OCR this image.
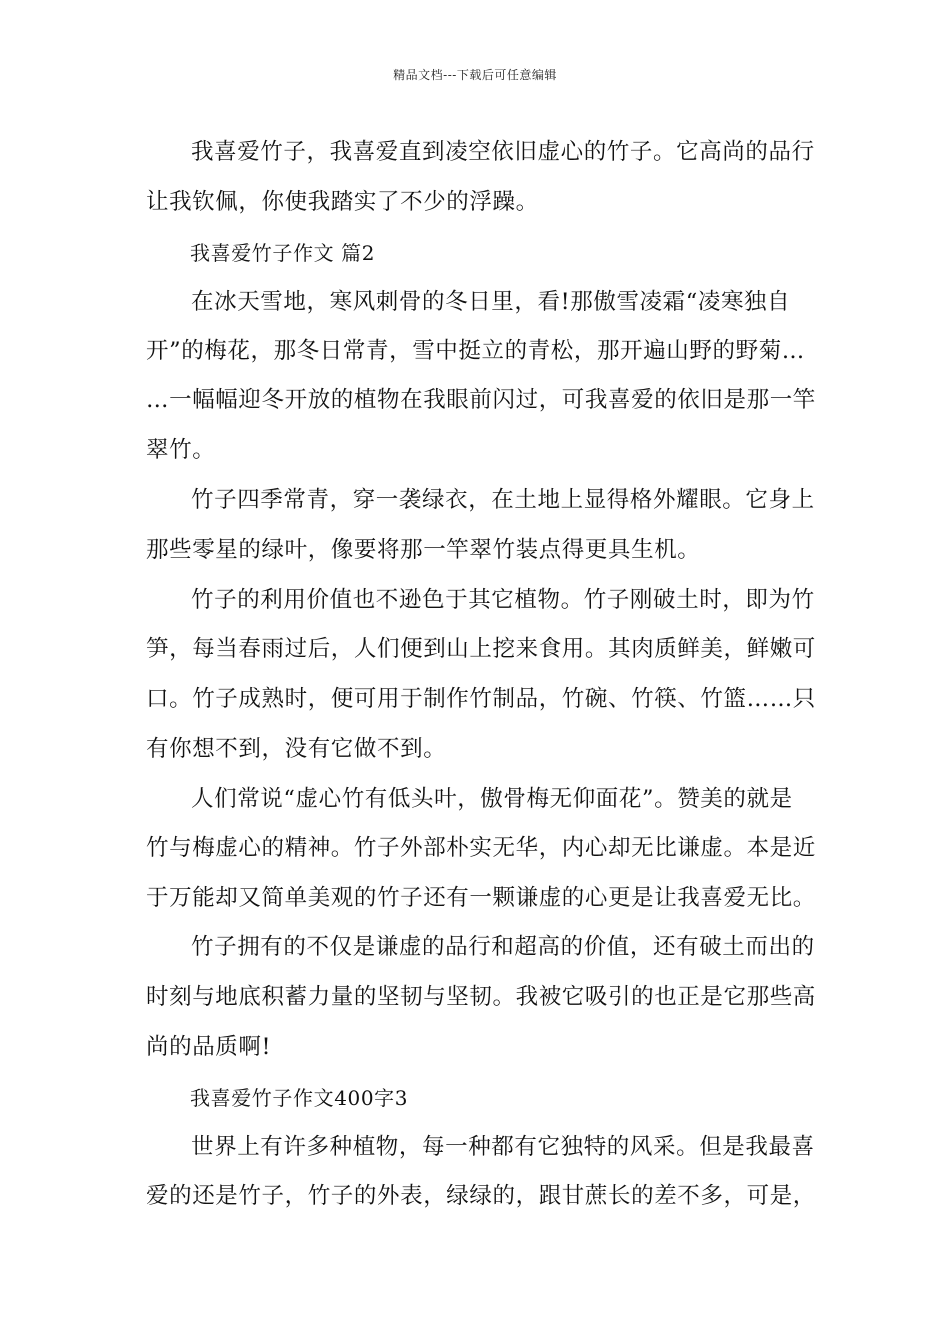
精品文档---下载后可任意编辑
我喜爱竹子，我喜爱直到凌空依旧虚心的竹子。它高尚的品行
让我钦佩，你使我踏实了不少的浮躁。
我喜爱竹子作文 篇2
在冰天雪地，寒风刺骨的冬日里，看!那傲雪凌霜“凌寒独自
开”的梅花，那冬日常青，雪中挺立的青松，那开遍山野的野菊…
…一幅幅迎冬开放的植物在我眼前闪过，可我喜爱的依旧是那一竿
翠竹。
竹子四季常青，穿一袭绿衣，在土地上显得格外耀眼。它身上
那些零星的绿叶，像要将那一竿翠竹装点得更具生机。
竹子的利用价值也不逊色于其它植物。竹子刚破土时，即为竹
笋，每当春雨过后，人们便到山上挖来食用。其肉质鲜美，鲜嫩可
口。竹子成熟时，便可用于制作竹制品，竹碗、竹筷、竹篮……只
有你想不到，没有它做不到。
人们常说“虚心竹有低头叶，傲骨梅无仰面花”。赞美的就是
竹与梅虚心的精神。竹子外部朴实无华，内心却无比谦虚。本是近
于万能却又简单美观的竹子还有一颗谦虚的心更是让我喜爱无比。
竹子拥有的不仅是谦虚的品行和超高的价值，还有破土而出的
时刻与地底积蓄力量的坚韧与坚韧。我被它吸引的也正是它那些高
尚的品质啊!
我喜爱竹子作文400字3
世界上有许多种植物，每一种都有它独特的风采。但是我最喜
爱的还是竹子，竹子的外表，绿绿的，跟甘蔗长的差不多，可是，
